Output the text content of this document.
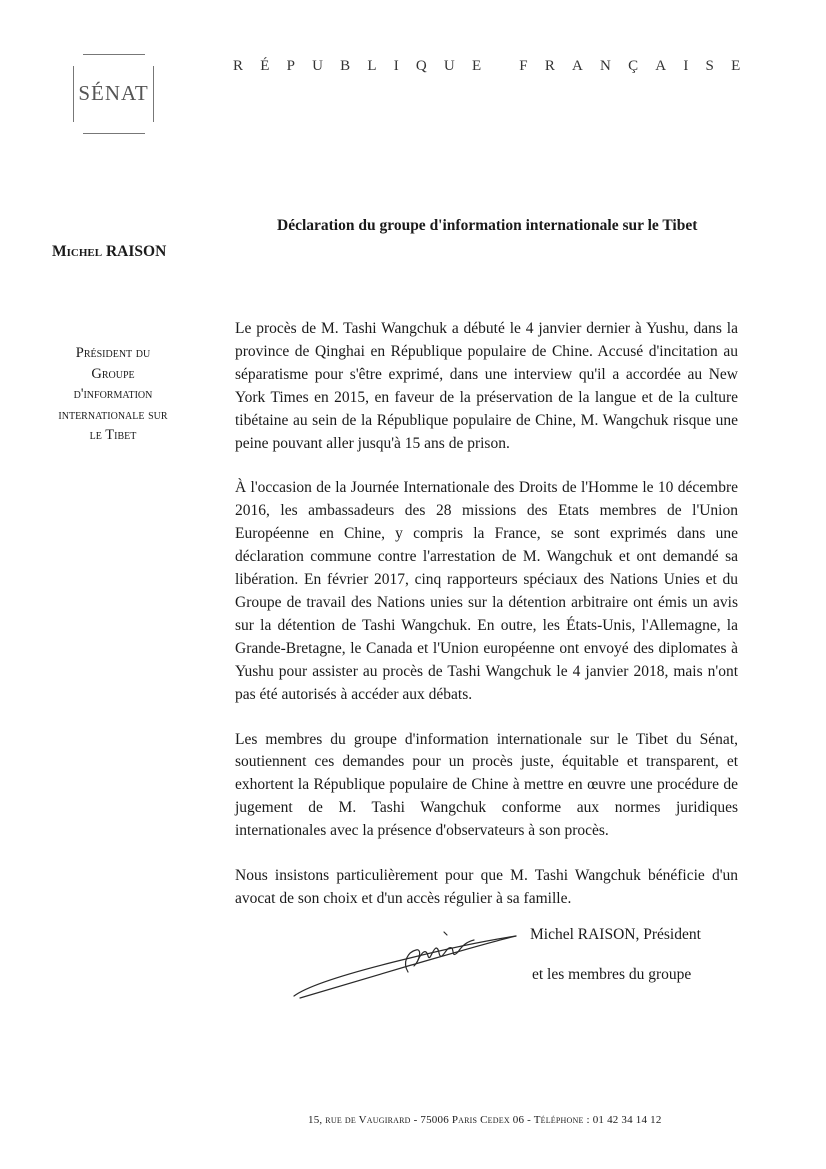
SÉNAT
RÉPUBLIQUE FRANÇAISE
Déclaration du groupe d'information internationale sur le Tibet
Michel RAISON
Président du
Groupe
d'information
internationale sur
le Tibet

Le procès de M. Tashi Wangchuk a débuté le 4 janvier dernier à Yushu, dans la province de Qinghai en République populaire de Chine. Accusé d'incitation au séparatisme pour s'être exprimé, dans une interview qu'il a accordée au New York Times en 2015, en faveur de la préservation de la langue et de la culture tibétaine au sein de la République populaire de Chine, M. Wangchuk risque une peine pouvant aller jusqu'à 15 ans de prison.

À l'occasion de la Journée Internationale des Droits de l'Homme le 10 décembre 2016, les ambassadeurs des 28 missions des Etats membres de l'Union Européenne en Chine, y compris la France, se sont exprimés dans une déclaration commune contre l'arrestation de M. Wangchuk et ont demandé sa libération. En février 2017, cinq rapporteurs spéciaux des Nations Unies et du Groupe de travail des Nations unies sur la détention arbitraire ont émis un avis sur la détention de Tashi Wangchuk. En outre, les États-Unis, l'Allemagne, la Grande-Bretagne, le Canada et l'Union européenne ont envoyé des diplomates à Yushu pour assister au procès de Tashi Wangchuk le 4 janvier 2018, mais n'ont pas été autorisés à accéder aux débats.

Les membres du groupe d'information internationale sur le Tibet du Sénat, soutiennent ces demandes pour un procès juste, équitable et transparent, et exhortent la République populaire de Chine à mettre en œuvre une procédure de jugement de M. Tashi Wangchuk conforme aux normes juridiques internationales avec la présence d'observateurs à son procès.

Nous insistons particulièrement pour que M. Tashi Wangchuk bénéficie d'un avocat de son choix et d'un accès régulier à sa famille.

Michel RAISON, Président
et les membres du groupe
15, rue de Vaugirard - 75006 Paris Cedex 06 - Téléphone : 01 42 34 14 12
